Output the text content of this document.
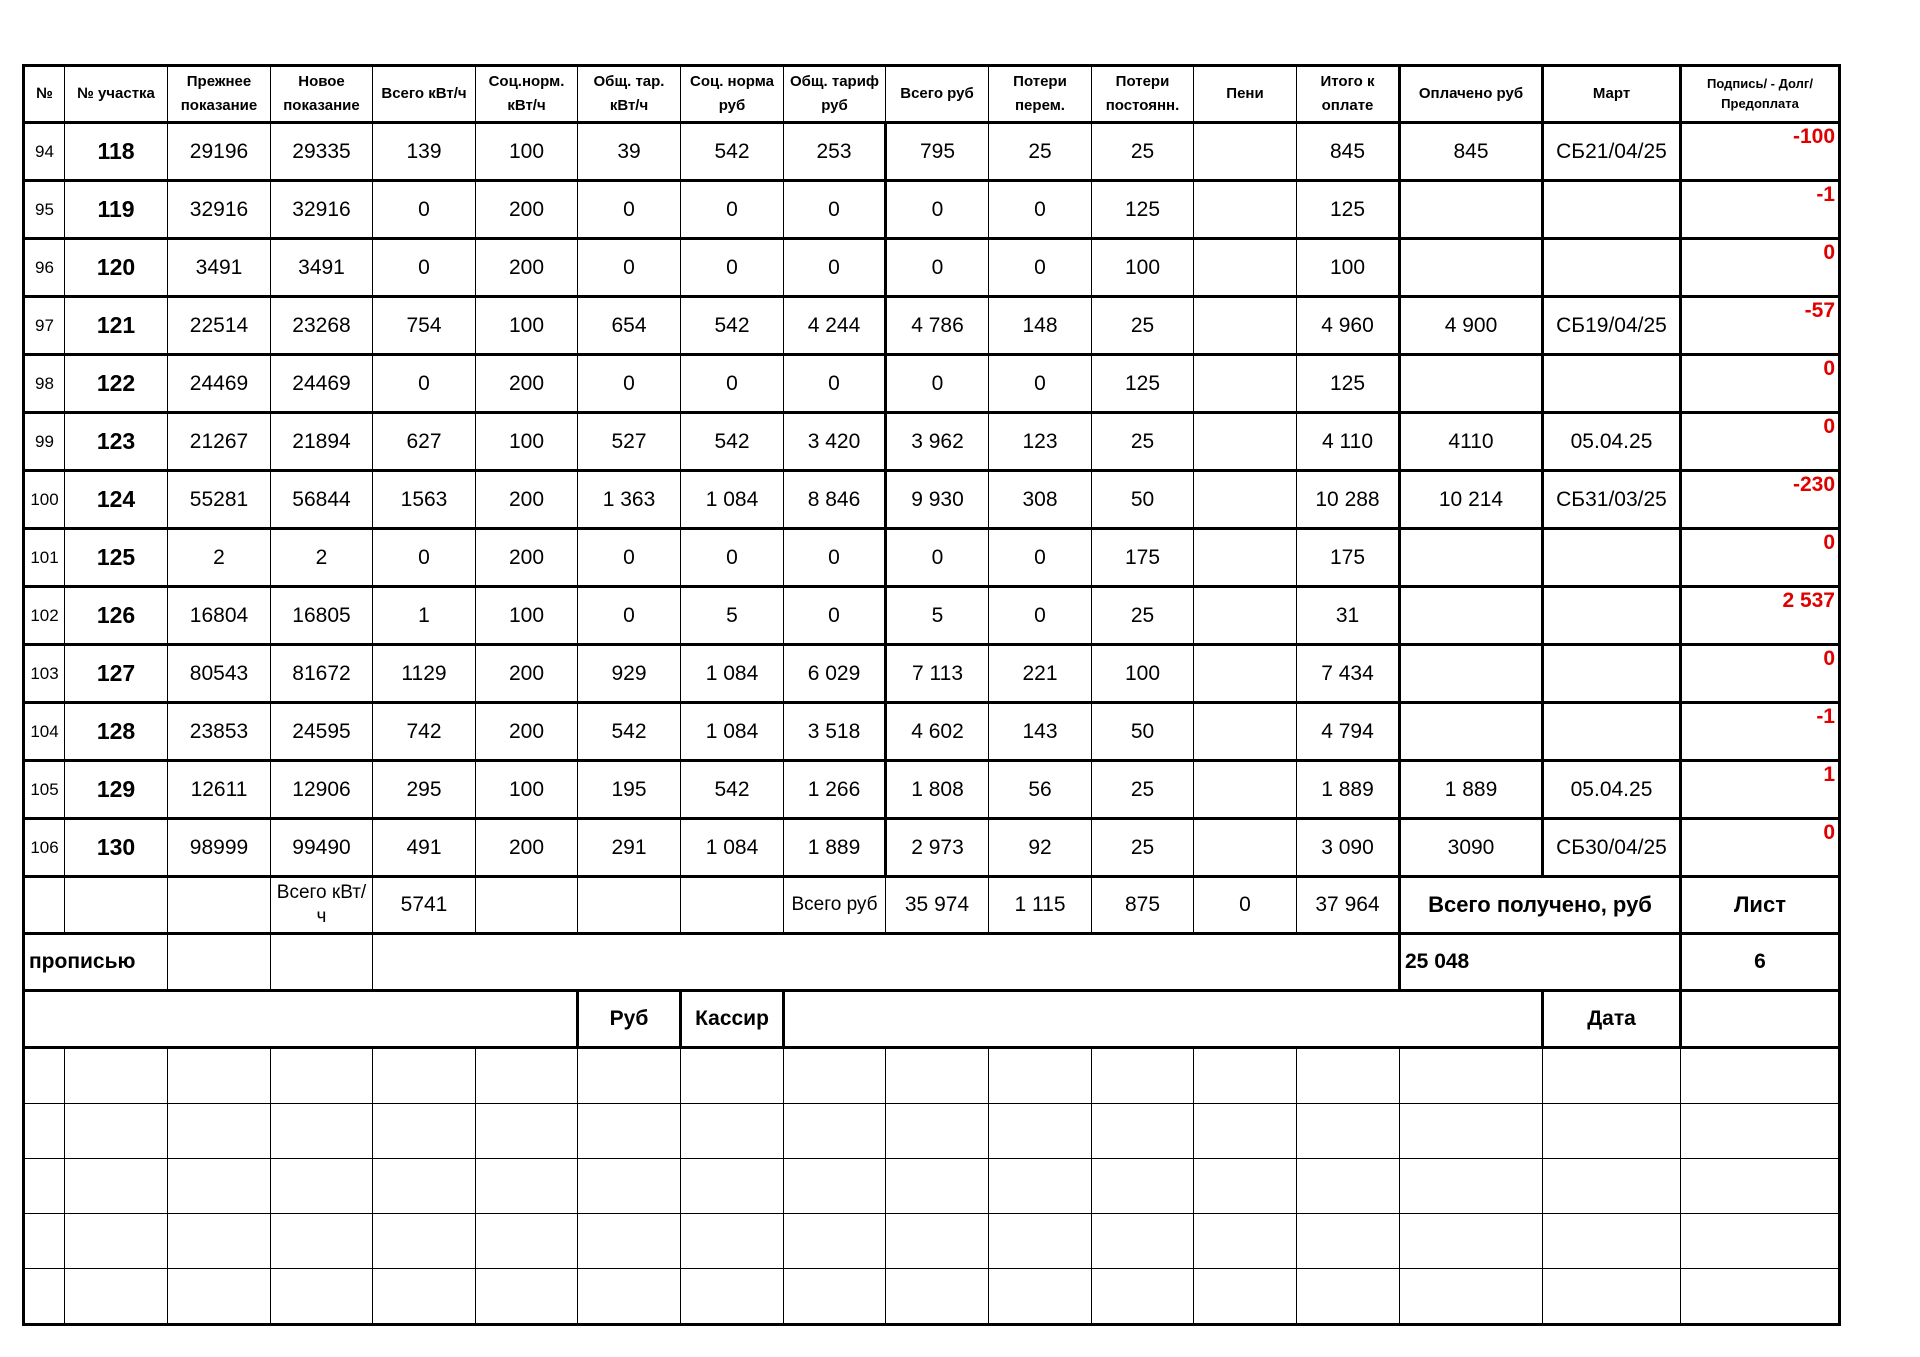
№	№ участка	Прежнее показание	Новое показание	Всего кВт/ч	Соц.норм. кВт/ч	Общ. тар. кВт/ч	Соц. норма руб	Общ. тариф руб	Всего руб	Потери перем.	Потери постоянн.	Пени	Итого к оплате	Оплачено руб	Март	Подпись/ - Долг/Предоплата
94	118	29196	29335	139	100	39	542	253	795	25	25		845	845	СБ21/04/25	-100
95	119	32916	32916	0	200	0	0	0	0	0	125		125			-1
96	120	3491	3491	0	200	0	0	0	0	0	100		100			0
97	121	22514	23268	754	100	654	542	4 244	4 786	148	25		4 960	4 900	СБ19/04/25	-57
98	122	24469	24469	0	200	0	0	0	0	0	125		125			0
99	123	21267	21894	627	100	527	542	3 420	3 962	123	25		4 110	4110	05.04.25	0
100	124	55281	56844	1563	200	1 363	1 084	8 846	9 930	308	50		10 288	10 214	СБ31/03/25	-230
101	125	2	2	0	200	0	0	0	0	0	175		175			0
102	126	16804	16805	1	100	0	5	0	5	0	25		31			2 537
103	127	80543	81672	1129	200	929	1 084	6 029	7 113	221	100		7 434			0
104	128	23853	24595	742	200	542	1 084	3 518	4 602	143	50		4 794			-1
105	129	12611	12906	295	100	195	542	1 266	1 808	56	25		1 889	1 889	05.04.25	1
106	130	98999	99490	491	200	291	1 084	1 889	2 973	92	25		3 090	3090	СБ30/04/25	0
			Всего кВт/ч	5741				Всего руб	35 974	1 115	875	0	37 964	Всего получено, руб		Лист
прописью														25 048		6
						Руб	Кассир								Дата	
